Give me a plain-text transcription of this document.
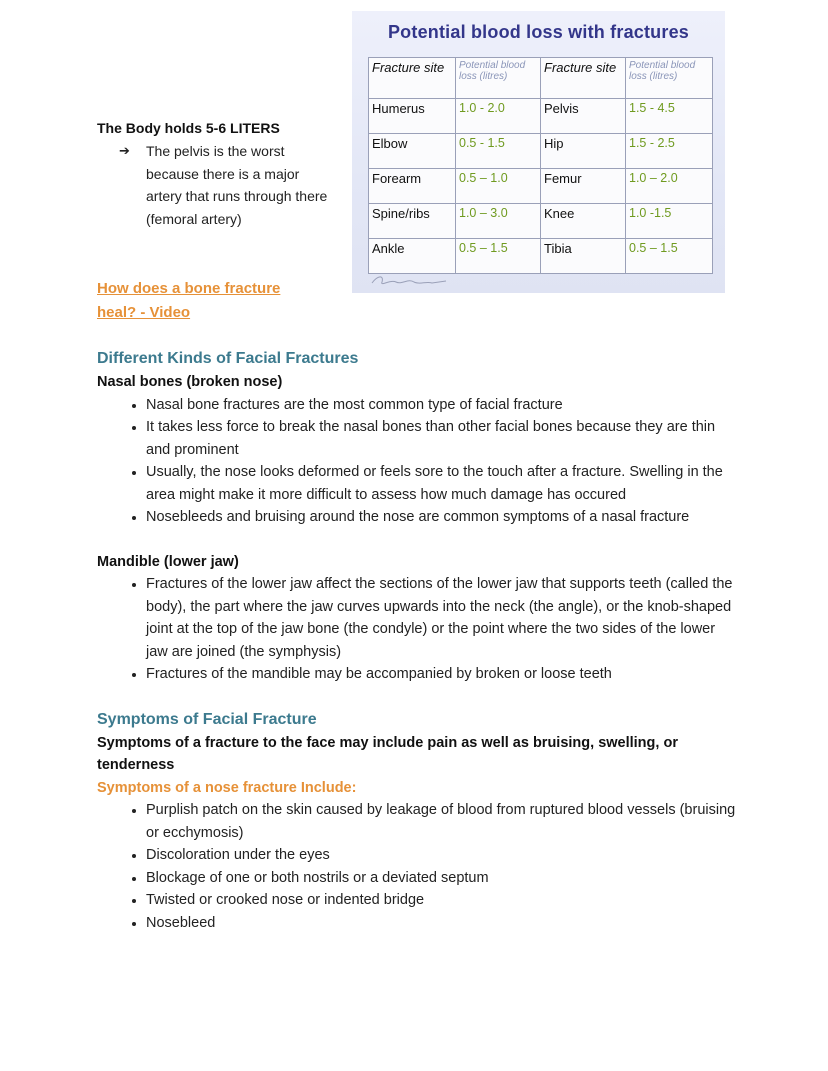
The Body holds 5-6 LITERS

➔ The pelvis is the worst because there is a major artery that runs through there (femoral artery)
How does a bone fracture heal? - Video
Potential blood loss with fractures
Fracture site	Potential blood loss (litres)	Fracture site	Potential blood loss (litres)
Humerus	1.0 - 2.0	Pelvis	1.5 - 4.5
Elbow	0.5 - 1.5	Hip	1.5 - 2.5
Forearm	0.5 – 1.0	Femur	1.0 – 2.0
Spine/ribs	1.0 – 3.0	Knee	1.0 -1.5
Ankle	0.5 – 1.5	Tibia	0.5 – 1.5

Different Kinds of Facial Fractures

Nasal bones (broken nose)

• Nasal bone fractures are the most common type of facial fracture
• It takes less force to break the nasal bones than other facial bones because they are thin and prominent
• Usually, the nose looks deformed or feels sore to the touch after a fracture. Swelling in the area might make it more difficult to assess how much damage has occured
• Nosebleeds and bruising around the nose are common symptoms of a nasal fracture

Mandible (lower jaw)

• Fractures of the lower jaw affect the sections of the lower jaw that supports teeth (called the body), the part where the jaw curves upwards into the neck (the angle), or the knob-shaped joint at the top of the jaw bone (the condyle) or the point where the two sides of the lower jaw are joined (the symphysis)
• Fractures of the mandible may be accompanied by broken or loose teeth

Symptoms of Facial Fracture

Symptoms of a fracture to the face may include pain as well as bruising, swelling, or tenderness

Symptoms of a nose fracture Include:

• Purplish patch on the skin caused by leakage of blood from ruptured blood vessels (bruising or ecchymosis)
• Discoloration under the eyes
• Blockage of one or both nostrils or a deviated septum
• Twisted or crooked nose or indented bridge
• Nosebleed
